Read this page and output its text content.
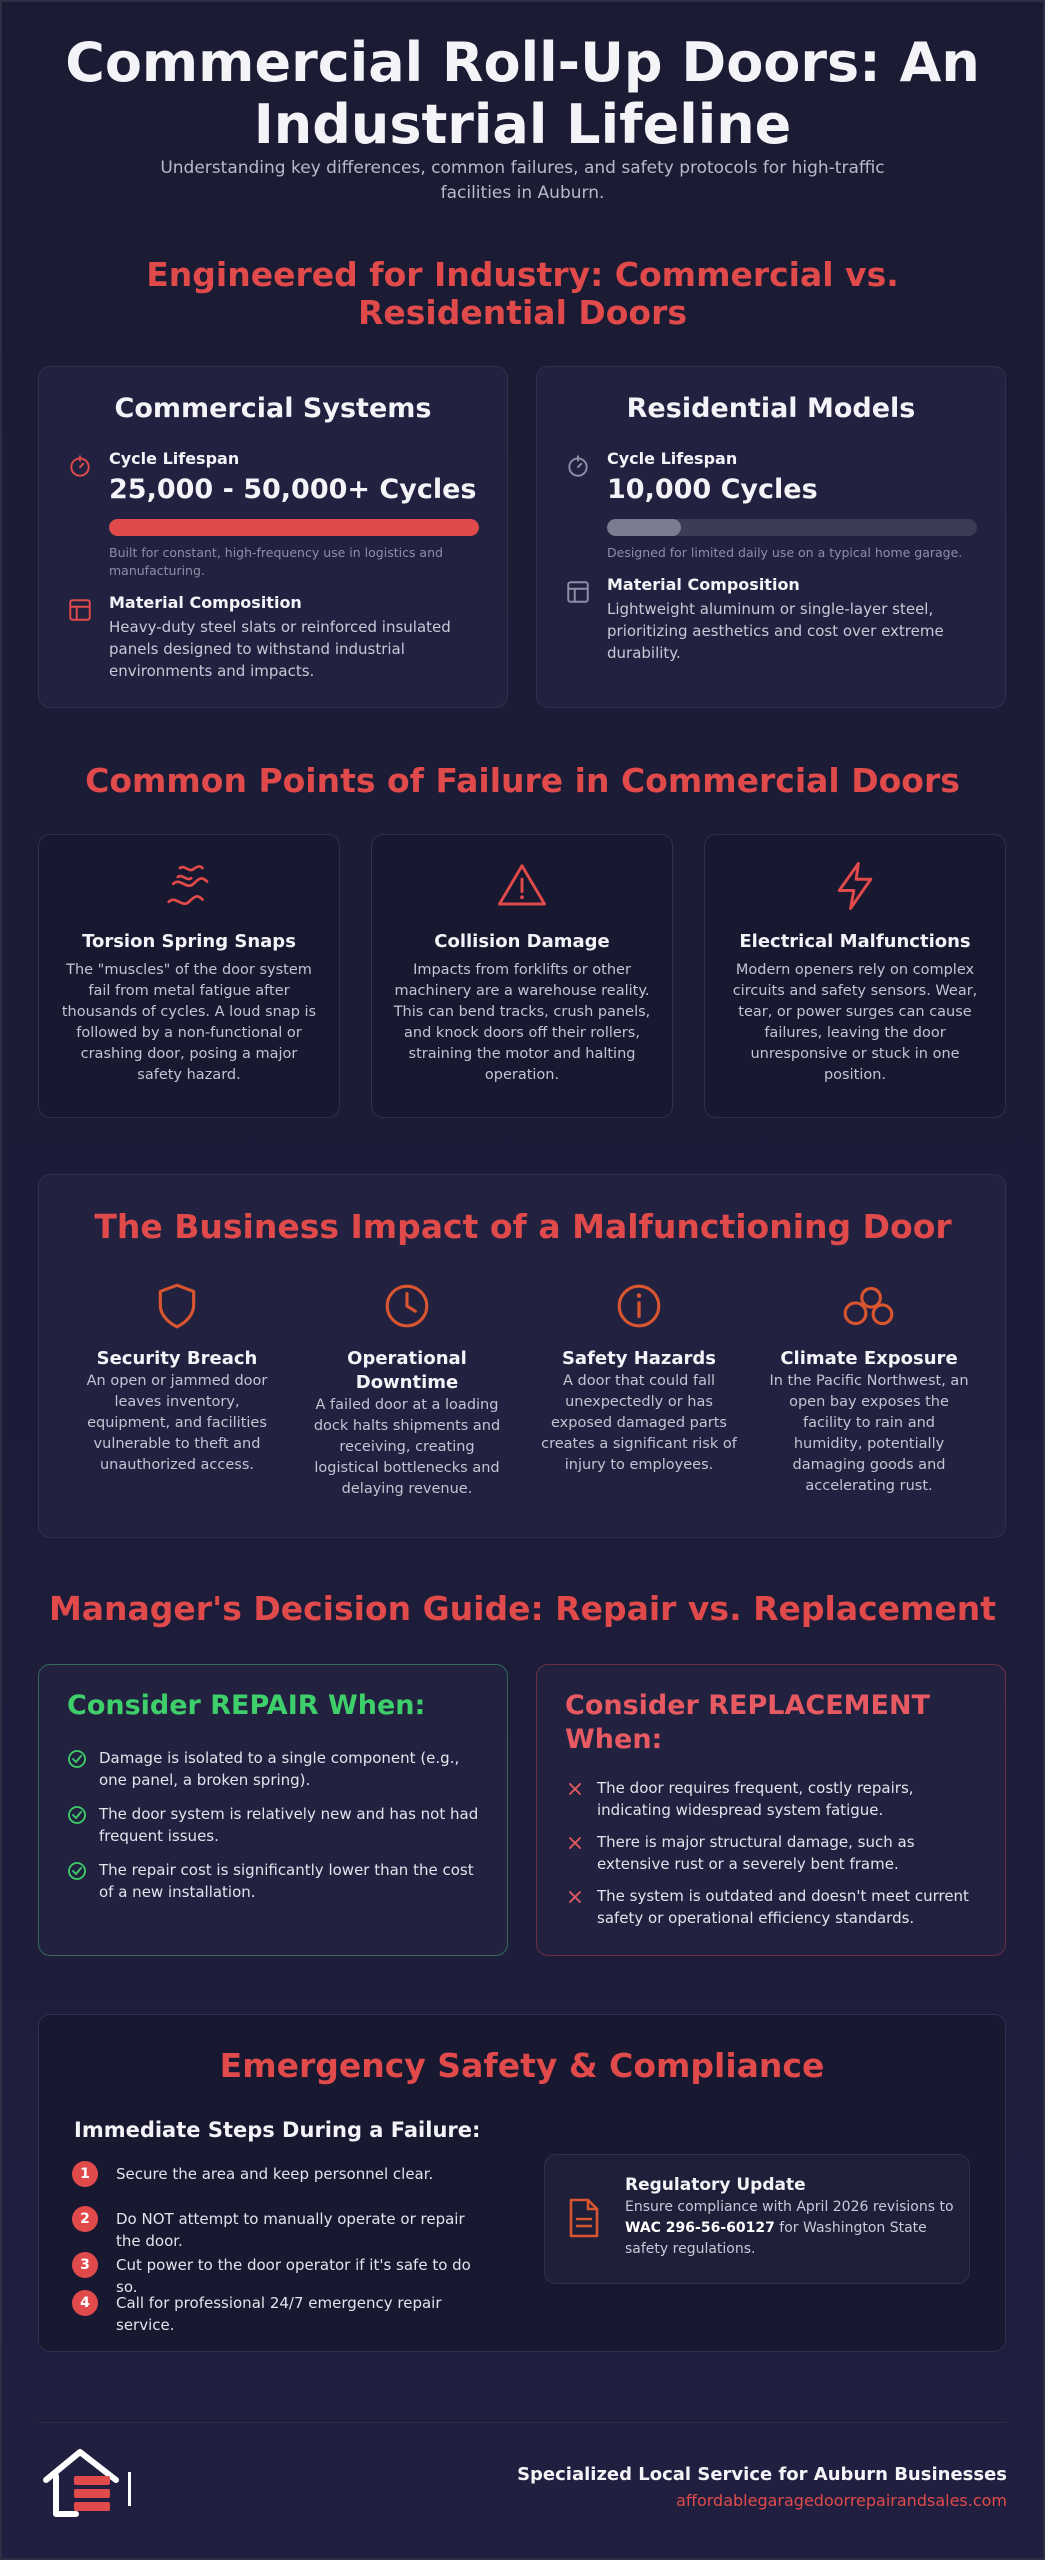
Commercial Roll-Up Doors: An
Industrial Lifeline

Understanding key differences, common failures, and safety protocols for high-traffic facilities in Auburn.

Engineered for Industry: Commercial vs. Residential Doors
Commercial Systems
Cycle Lifespan
25,000 - 50,000+ Cycles
Built for constant, high-frequency use in logistics and manufacturing.
Material Composition
Heavy-duty steel slats or reinforced insulated panels designed to withstand industrial environments and impacts.
Residential Models
Cycle Lifespan
10,000 Cycles
Designed for limited daily use on a typical home garage.
Material Composition
Lightweight aluminum or single-layer steel, prioritizing aesthetics and cost over extreme durability.
Common Points of Failure in Commercial Doors
Torsion Spring Snaps

The "muscles" of the door system fail from metal fatigue after thousands of cycles. A loud snap is followed by a non-functional or crashing door, posing a major safety hazard.

Collision Damage

Impacts from forklifts or other machinery are a warehouse reality. This can bend tracks, crush panels, and knock doors off their rollers, straining the motor and halting operation.

Electrical Malfunctions

Modern openers rely on complex circuits and safety sensors. Wear, tear, or power surges can cause failures, leaving the door unresponsive or stuck in one position.

The Business Impact of a Malfunctioning Door
Security Breach

An open or jammed door leaves inventory, equipment, and facilities vulnerable to theft and unauthorized access.

Operational Downtime

A failed door at a loading dock halts shipments and receiving, creating logistical bottlenecks and delaying revenue.

Safety Hazards

A door that could fall unexpectedly or has exposed damaged parts creates a significant risk of injury to employees.

Climate Exposure

In the Pacific Northwest, an open bay exposes the facility to rain and humidity, potentially damaging goods and accelerating rust.

Manager's Decision Guide: Repair vs. Replacement
Consider REPAIR When:
Damage is isolated to a single component (e.g., one panel, a broken spring).
The door system is relatively new and has not had frequent issues.
The repair cost is significantly lower than the cost of a new installation.
Consider REPLACEMENT
When:
The door requires frequent, costly repairs, indicating widespread system fatigue.
There is major structural damage, such as extensive rust or a severely bent frame.
The system is outdated and doesn't meet current safety or operational efficiency standards.
Emergency Safety & Compliance
Immediate Steps During a Failure:
1	Secure the area and keep personnel clear.
2	Do NOT attempt to manually operate or repair the door.
3	Cut power to the door operator if it's safe to do so.
4	Call for professional 24/7 emergency repair service.
Regulatory Update
Ensure compliance with April 2026 revisions to WAC 296-56-60127 for Washington State safety regulations.
Specialized Local Service for Auburn Businesses
affordablegaragedoorrepairandsales.com
